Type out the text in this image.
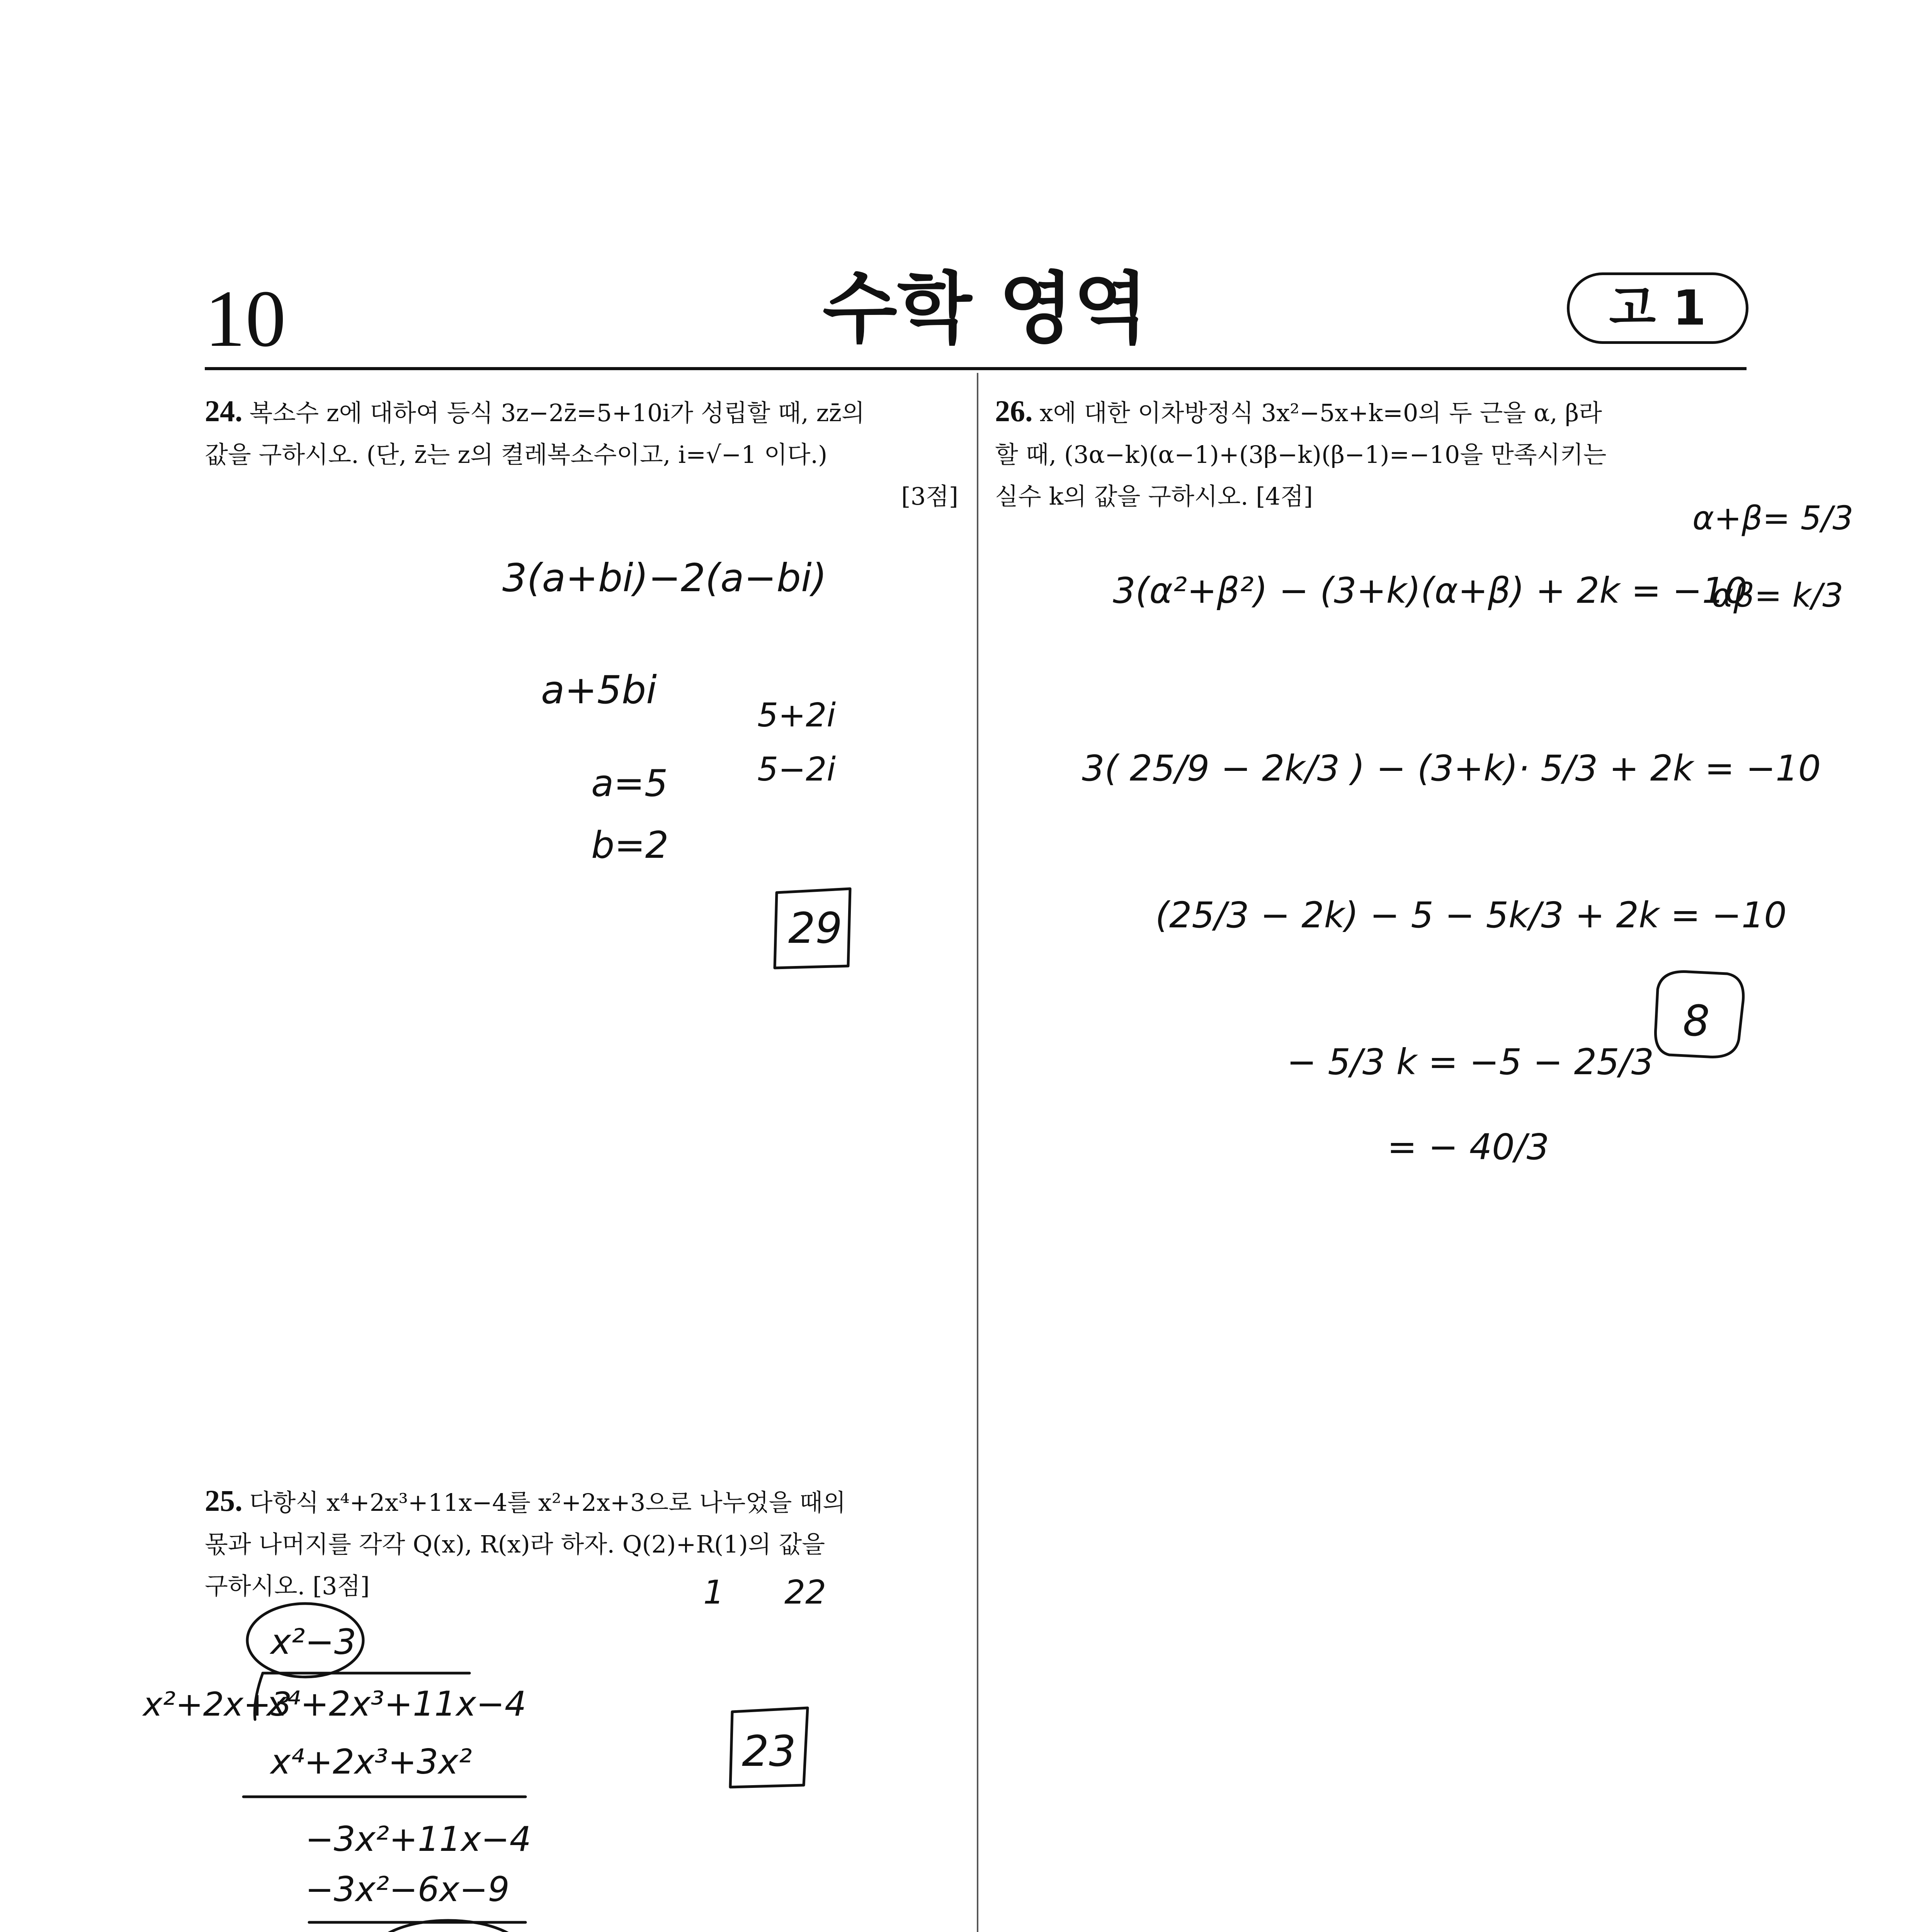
10	수학 영역	고 1
24. 복소수 z에 대하여 등식 3z−2z̄=5+10i가 성립할 때, zz̄의
값을 구하시오. (단, z̄는 z의 켤레복소수이고, i=√−1 이다.)
[3점]
25. 다항식 x⁴+2x³+11x−4를 x²+2x+3으로 나누었을 때의
몫과 나머지를 각각 Q(x), R(x)라 하자. Q(2)+R(1)의 값을
구하시오. [3점]
26. x에 대한 이차방정식 3x²−5x+k=0의 두 근을 α, β라
할 때, (3α−k)(α−1)+(3β−k)(β−1)=−10을 만족시키는
실수 k의 값을 구하시오. [4점]
3(a+bi)−2(a−bi)
a+5bi
5+2i
5−2i
a=5
b=2
29
1 22
x²−3
x²+2x+3
x⁴+2x³+11x−4
x⁴+2x³+3x²
−3x²+11x−4
−3x²−6x−9
23
α+β= 5/3
αβ= k/3
3(α²+β²) − (3+k)(α+β) + 2k = −10
3( 25/9 − 2k/3 ) − (3+k)· 5/3 + 2k = −10
(25/3 − 2k) − 5 − 5k/3 + 2k = −10
− 5/3 k = −5 − 25/3
= − 40/3
8
